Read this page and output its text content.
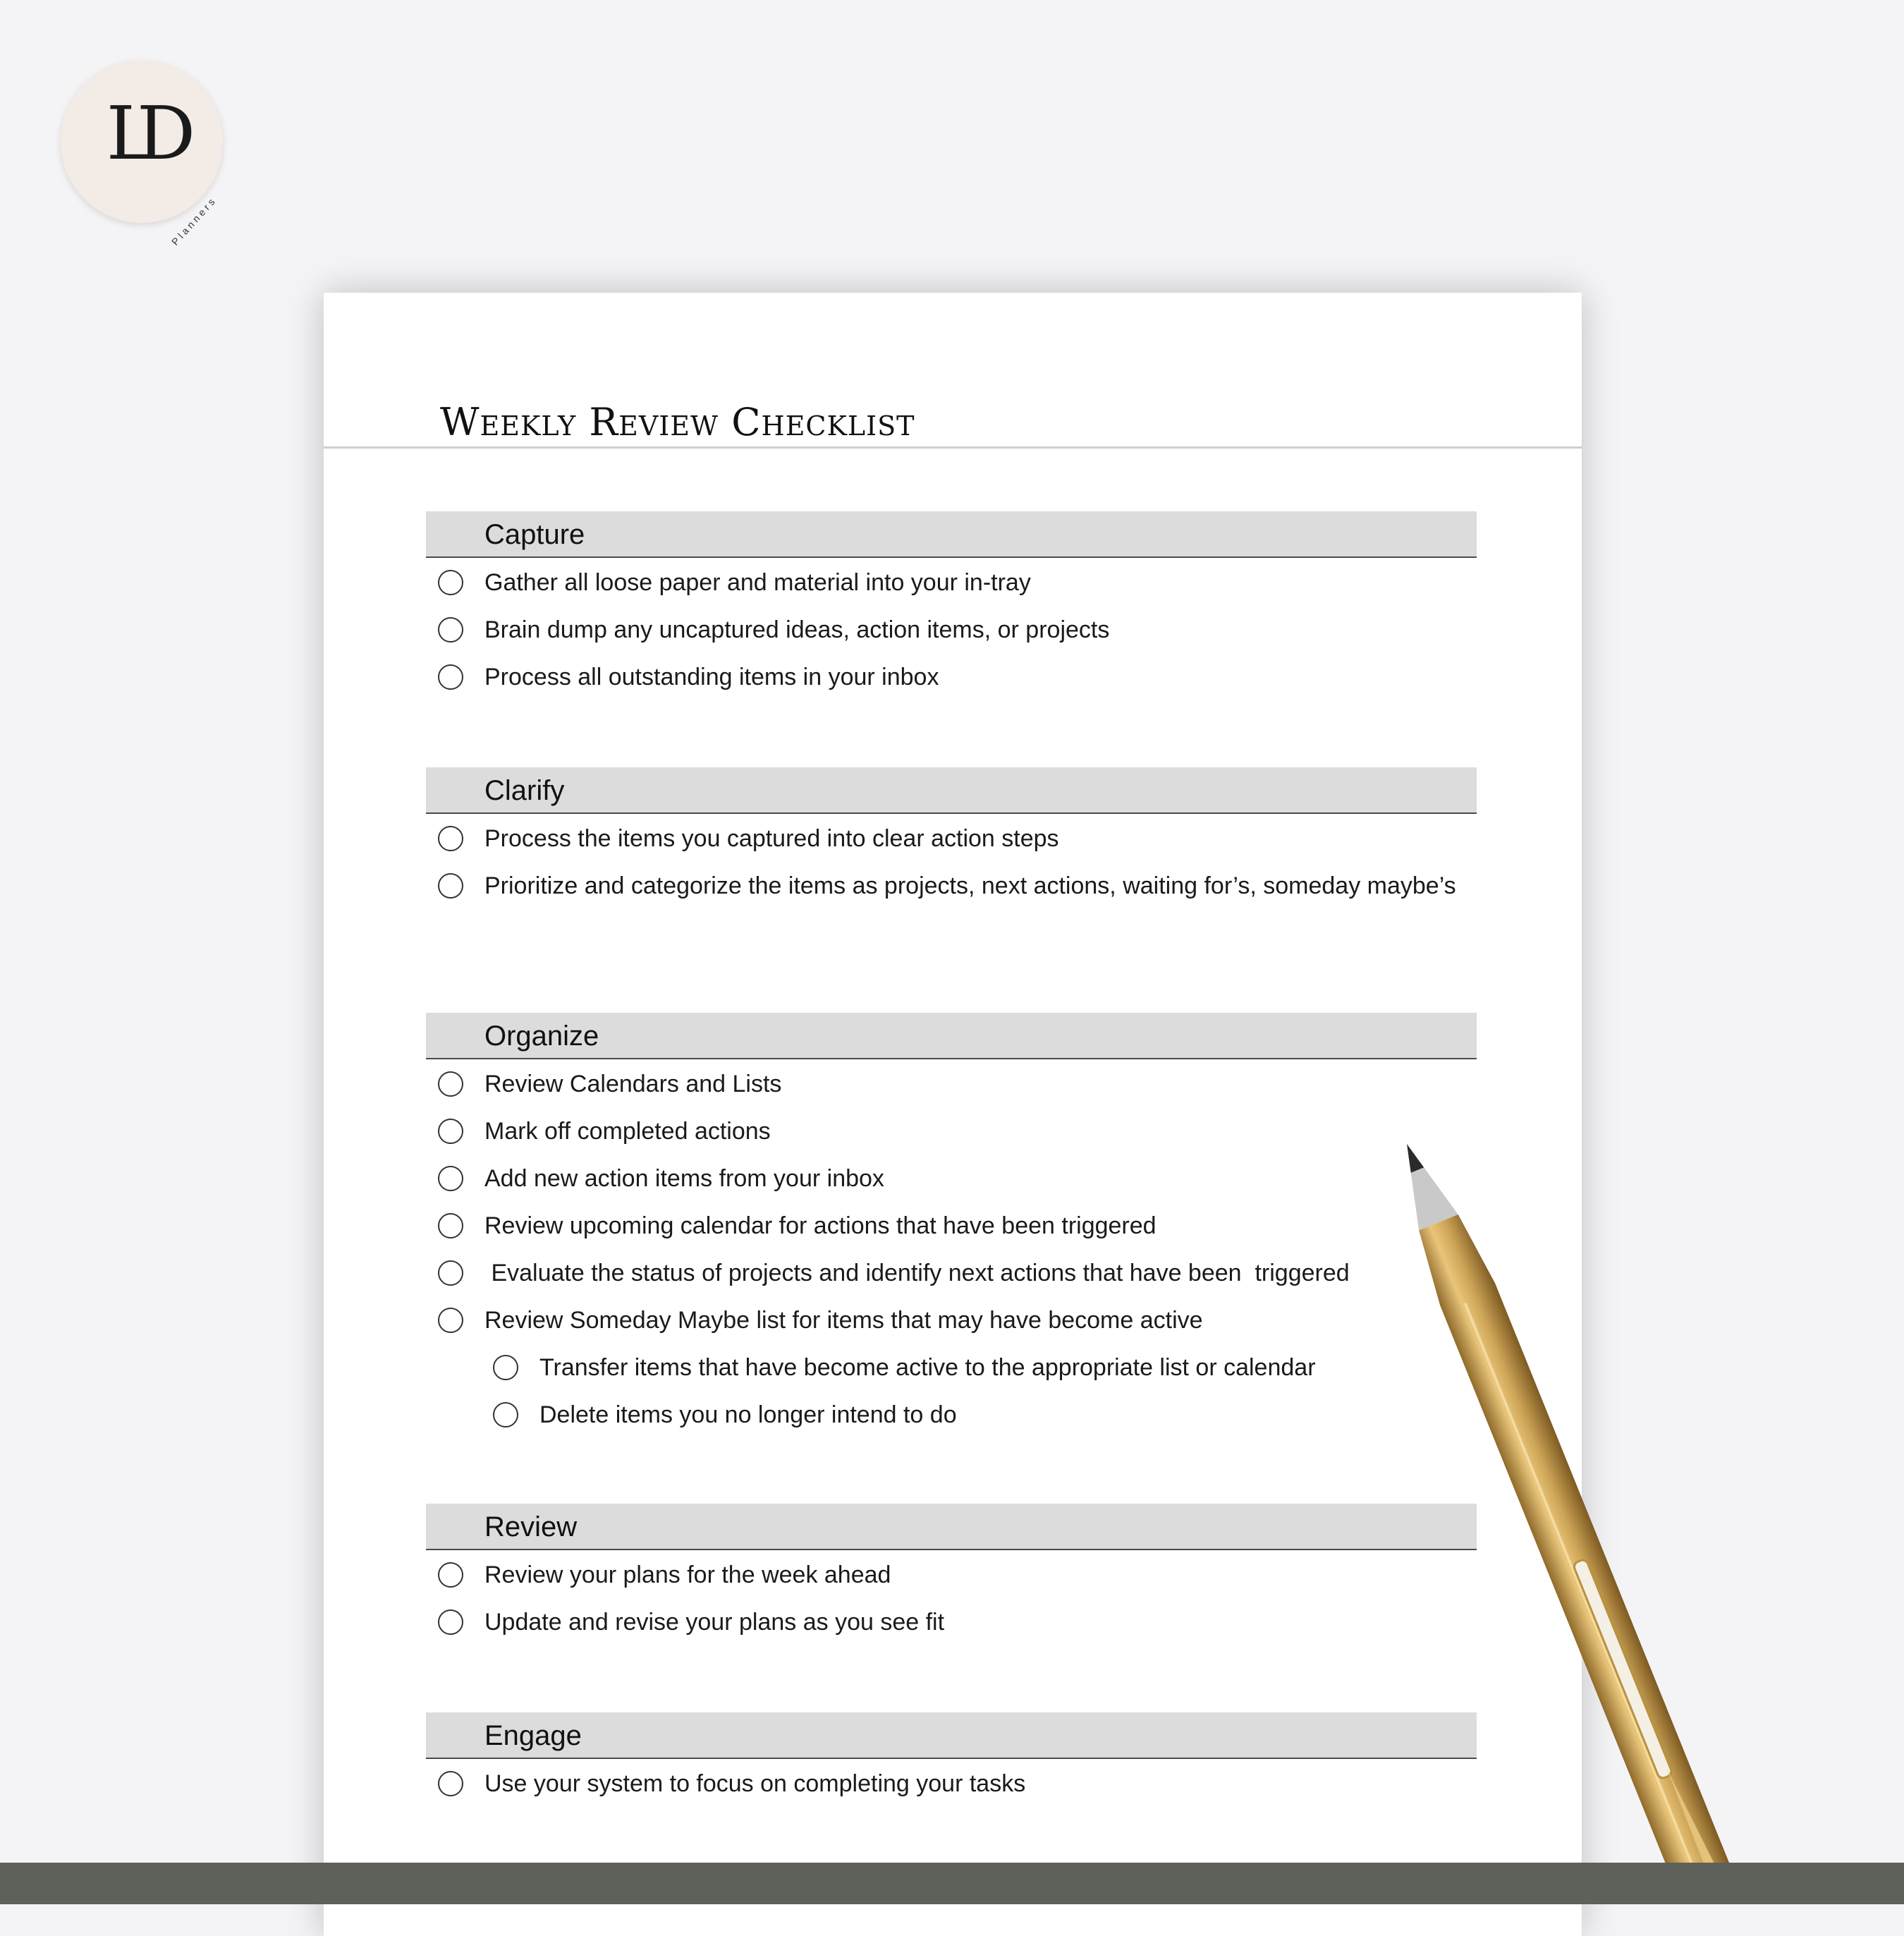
LD
Planners
Weekly Review Checklist
Capture
Gather all loose paper and material into your in-tray
Brain dump any uncaptured ideas, action items, or projects
Process all outstanding items in your inbox
Clarify
Process the items you captured into clear action steps
Prioritize and categorize the items as projects, next actions, waiting for’s, someday maybe’s
Organize
Review Calendars and Lists
Mark off completed actions
Add new action items from your inbox
Review upcoming calendar for actions that have been triggered
Evaluate the status of projects and identify next actions that have been  triggered
Review Someday Maybe list for items that may have become active
Transfer items that have become active to the appropriate list or calendar
Delete items you no longer intend to do
Review
Review your plans for the week ahead
Update and revise your plans as you see fit
Engage
Use your system to focus on completing your tasks
